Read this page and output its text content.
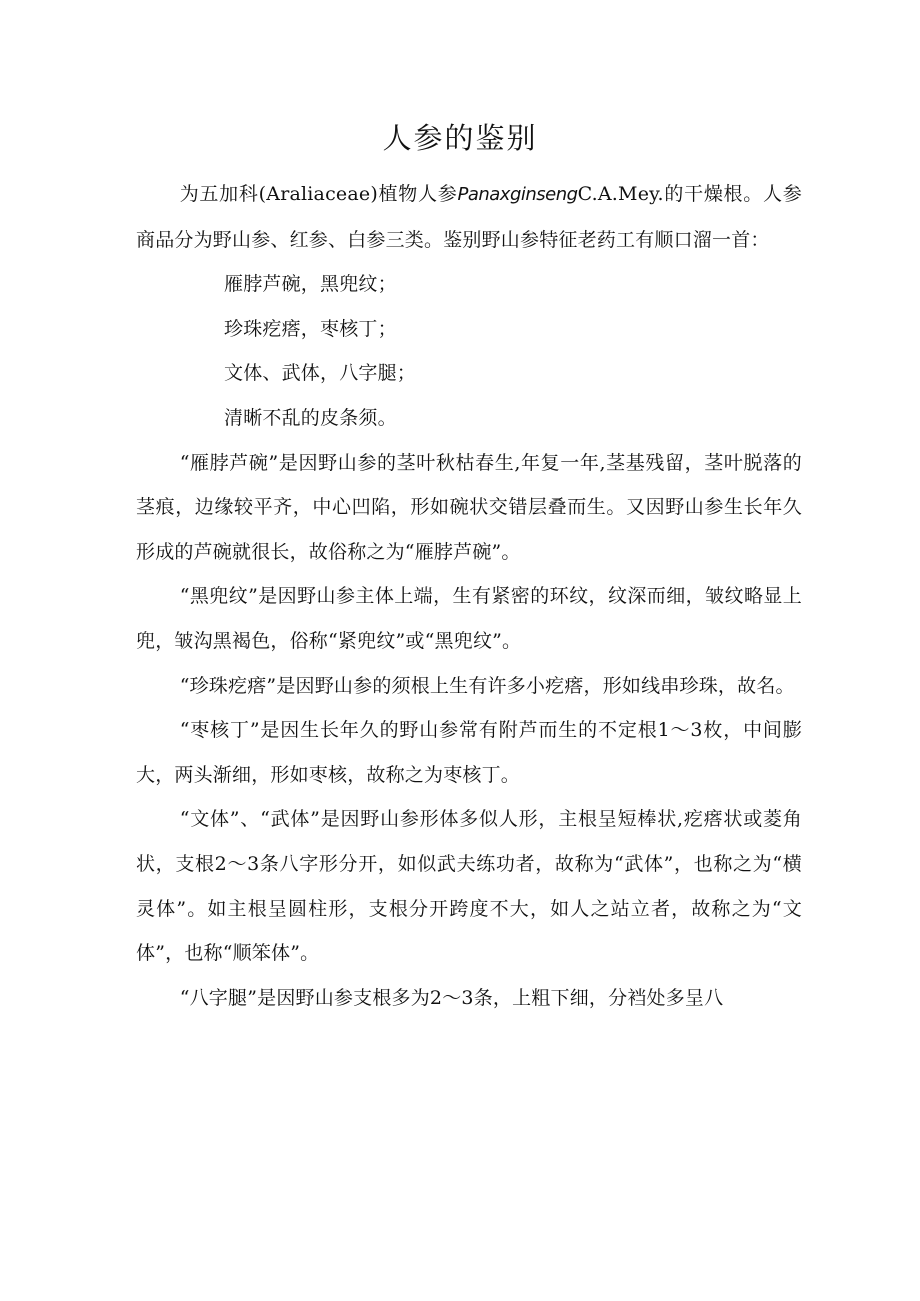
人参的鉴别

为五加科(Araliaceae)植物人参PanaxginsengC.A.Mey.的干燥根。人参商品分为野山参、红参、白参三类。鉴别野山参特征老药工有顺口溜一首：

雁脖芦碗，黑兜纹；

珍珠疙瘩，枣核丁；

文体、武体，八字腿；

清晰不乱的皮条须。

“雁脖芦碗”是因野山参的茎叶秋枯春生,年复一年,茎基残留，茎叶脱落的茎痕，边缘较平齐，中心凹陷，形如碗状交错层叠而生。又因野山参生长年久形成的芦碗就很长，故俗称之为“雁脖芦碗”。

“黑兜纹”是因野山参主体上端，生有紧密的环纹，纹深而细，皱纹略显上兜，皱沟黑褐色，俗称“紧兜纹”或“黑兜纹”。

“珍珠疙瘩”是因野山参的须根上生有许多小疙瘩，形如线串珍珠，故名。

“枣核丁”是因生长年久的野山参常有附芦而生的不定根1～3枚，中间膨大，两头渐细，形如枣核，故称之为枣核丁。

“文体”、“武体”是因野山参形体多似人形，主根呈短棒状,疙瘩状或菱角状，支根2～3条八字形分开，如似武夫练功者，故称为“武体”，也称之为“横灵体”。如主根呈圆柱形，支根分开跨度不大，如人之站立者，故称之为“文体”，也称“顺笨体”。

“八字腿”是因野山参支根多为2～3条，上粗下细，分裆处多呈八
